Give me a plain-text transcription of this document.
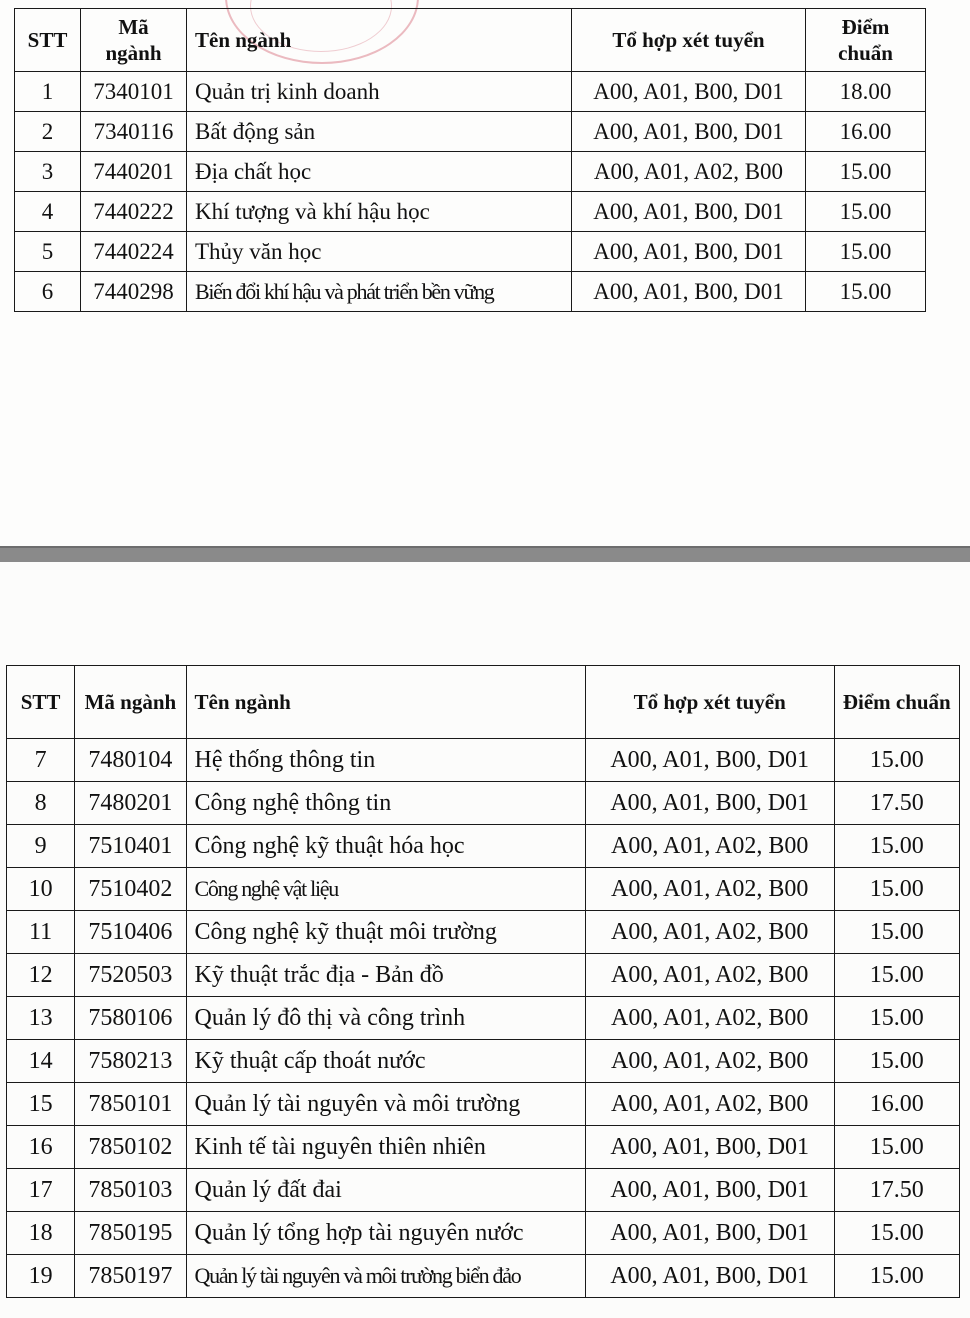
STT	Mã ngành	Tên ngành	Tổ hợp xét tuyển	Điểm chuẩn
1	7340101	Quản trị kinh doanh	A00, A01, B00, D01	18.00
2	7340116	Bất động sản	A00, A01, B00, D01	16.00
3	7440201	Địa chất học	A00, A01, A02, B00	15.00
4	7440222	Khí tượng và khí hậu học	A00, A01, B00, D01	15.00
5	7440224	Thủy văn học	A00, A01, B00, D01	15.00
6	7440298	Biến đổi khí hậu và phát triển bền vững	A00, A01, B00, D01	15.00
STT	Mã ngành	Tên ngành	Tổ hợp xét tuyển	Điểm chuẩn
7	7480104	Hệ thống thông tin	A00, A01, B00, D01	15.00
8	7480201	Công nghệ thông tin	A00, A01, B00, D01	17.50
9	7510401	Công nghệ kỹ thuật hóa học	A00, A01, A02, B00	15.00
10	7510402	Công nghệ vật liệu	A00, A01, A02, B00	15.00
11	7510406	Công nghệ kỹ thuật môi trường	A00, A01, A02, B00	15.00
12	7520503	Kỹ thuật trắc địa - Bản đồ	A00, A01, A02, B00	15.00
13	7580106	Quản lý đô thị và công trình	A00, A01, A02, B00	15.00
14	7580213	Kỹ thuật cấp thoát nước	A00, A01, A02, B00	15.00
15	7850101	Quản lý tài nguyên và môi trường	A00, A01, A02, B00	16.00
16	7850102	Kinh tế tài nguyên thiên nhiên	A00, A01, B00, D01	15.00
17	7850103	Quản lý đất đai	A00, A01, B00, D01	17.50
18	7850195	Quản lý tổng hợp tài nguyên nước	A00, A01, B00, D01	15.00
19	7850197	Quản lý tài nguyên và môi trường biển đảo	A00, A01, B00, D01	15.00
